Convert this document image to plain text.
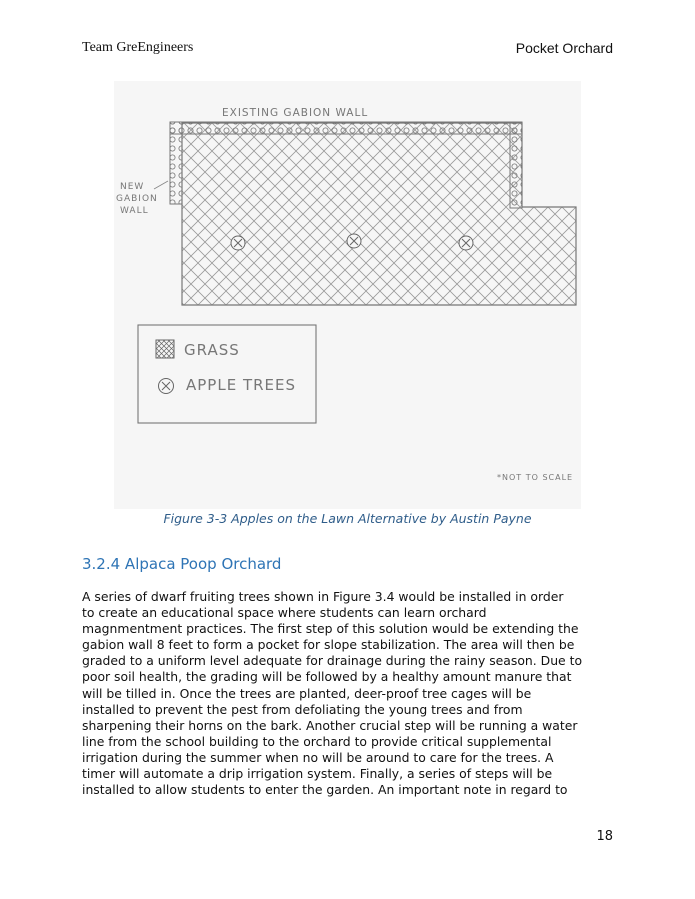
Team GreEngineers	Pocket Orchard
EXISTING GABION WALL
NEW
GABION
WALL
GRASS
APPLE TREES
*NOT TO SCALE
Figure 3-3 Apples on the Lawn Alternative by Austin Payne
3.2.4 Alpaca Poop Orchard
A series of dwarf fruiting trees shown in Figure 3.4 would be installed in order
to create an educational space where students can learn orchard
magnmentment practices. The first step of this solution would be extending the
gabion wall 8 feet to form a pocket for slope stabilization. The area will then be
graded to a uniform level adequate for drainage during the rainy season. Due to
poor soil health, the grading will be followed by a healthy amount manure that
will be tilled in. Once the trees are planted, deer-proof tree cages will be
installed to prevent the pest from defoliating the young trees and from
sharpening their horns on the bark. Another crucial step will be running a water
line from the school building to the orchard to provide critical supplemental
irrigation during the summer when no will be around to care for the trees. A
timer will automate a drip irrigation system. Finally, a series of steps will be
installed to allow students to enter the garden. An important note in regard to
18
